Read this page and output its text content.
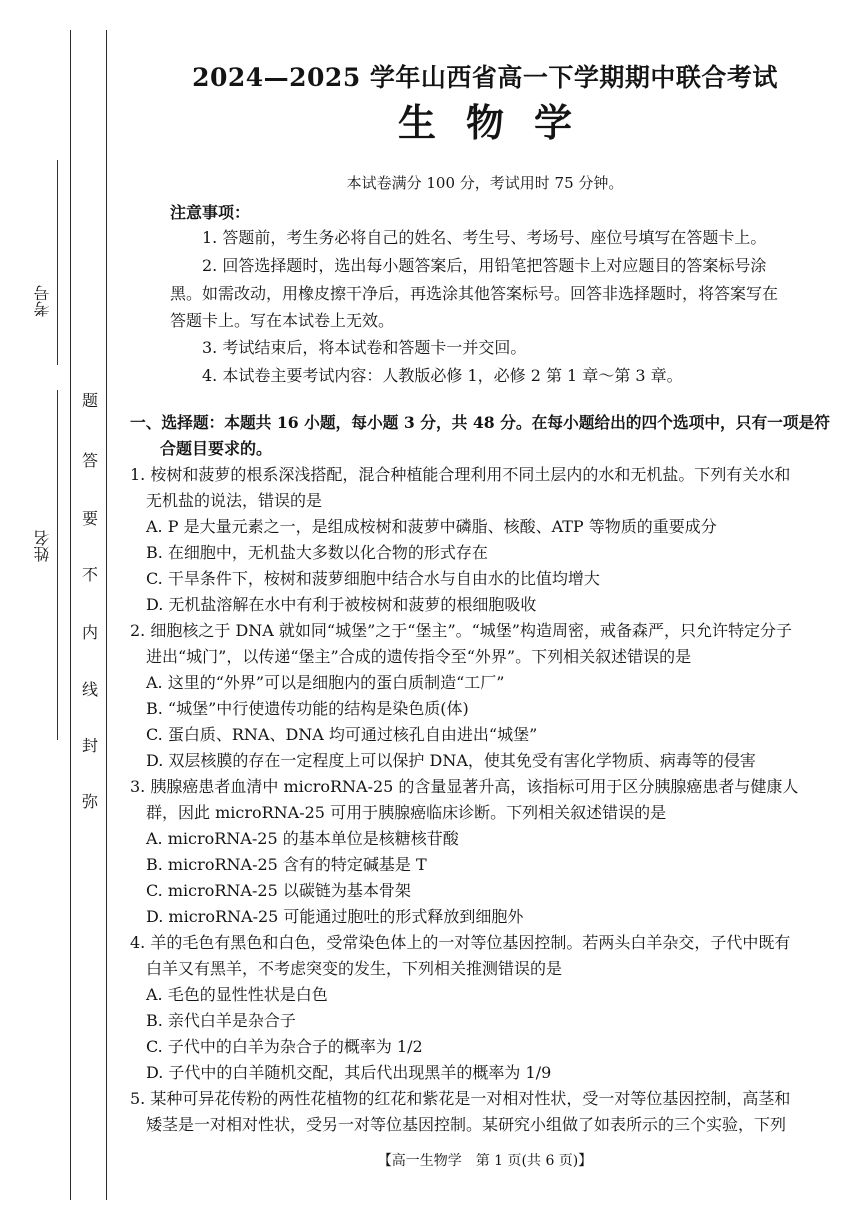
考号
姓名
题
答
要
不
内
线
封
弥
2024—2025 学年山西省高一下学期期中联合考试
生物学
本试卷满分 100 分，考试用时 75 分钟。
注意事项：
1. 答题前，考生务必将自己的姓名、考生号、考场号、座位号填写在答题卡上。
2. 回答选择题时，选出每小题答案后，用铅笔把答题卡上对应题目的答案标号涂
黑。如需改动，用橡皮擦干净后，再选涂其他答案标号。回答非选择题时，将答案写在
答题卡上。写在本试卷上无效。
3. 考试结束后，将本试卷和答题卡一并交回。
4. 本试卷主要考试内容：人教版必修 1，必修 2 第 1 章～第 3 章。
一、选择题：本题共 16 小题，每小题 3 分，共 48 分。在每小题给出的四个选项中，只有一项是符
合题目要求的。
1. 桉树和菠萝的根系深浅搭配，混合种植能合理利用不同土层内的水和无机盐。下列有关水和
无机盐的说法，错误的是
A. P 是大量元素之一，是组成桉树和菠萝中磷脂、核酸、ATP 等物质的重要成分
B. 在细胞中，无机盐大多数以化合物的形式存在
C. 干旱条件下，桉树和菠萝细胞中结合水与自由水的比值均增大
D. 无机盐溶解在水中有利于被桉树和菠萝的根细胞吸收
2. 细胞核之于 DNA 就如同“城堡”之于“堡主”。“城堡”构造周密，戒备森严，只允许特定分子
进出“城门”，以传递“堡主”合成的遗传指令至“外界”。下列相关叙述错误的是
A. 这里的“外界”可以是细胞内的蛋白质制造“工厂”
B. “城堡”中行使遗传功能的结构是染色质(体)
C. 蛋白质、RNA、DNA 均可通过核孔自由进出“城堡”
D. 双层核膜的存在一定程度上可以保护 DNA，使其免受有害化学物质、病毒等的侵害
3. 胰腺癌患者血清中 microRNA-25 的含量显著升高，该指标可用于区分胰腺癌患者与健康人
群，因此 microRNA-25 可用于胰腺癌临床诊断。下列相关叙述错误的是
A. microRNA-25 的基本单位是核糖核苷酸
B. microRNA-25 含有的特定碱基是 T
C. microRNA-25 以碳链为基本骨架
D. microRNA-25 可能通过胞吐的形式释放到细胞外
4. 羊的毛色有黑色和白色，受常染色体上的一对等位基因控制。若两头白羊杂交，子代中既有
白羊又有黑羊，不考虑突变的发生，下列相关推测错误的是
A. 毛色的显性性状是白色
B. 亲代白羊是杂合子
C. 子代中的白羊为杂合子的概率为 1/2
D. 子代中的白羊随机交配，其后代出现黑羊的概率为 1/9
5. 某种可异花传粉的两性花植物的红花和紫花是一对相对性状，受一对等位基因控制，高茎和
矮茎是一对相对性状，受另一对等位基因控制。某研究小组做了如表所示的三个实验，下列
【高一生物学　第 1 页(共 6 页)】
